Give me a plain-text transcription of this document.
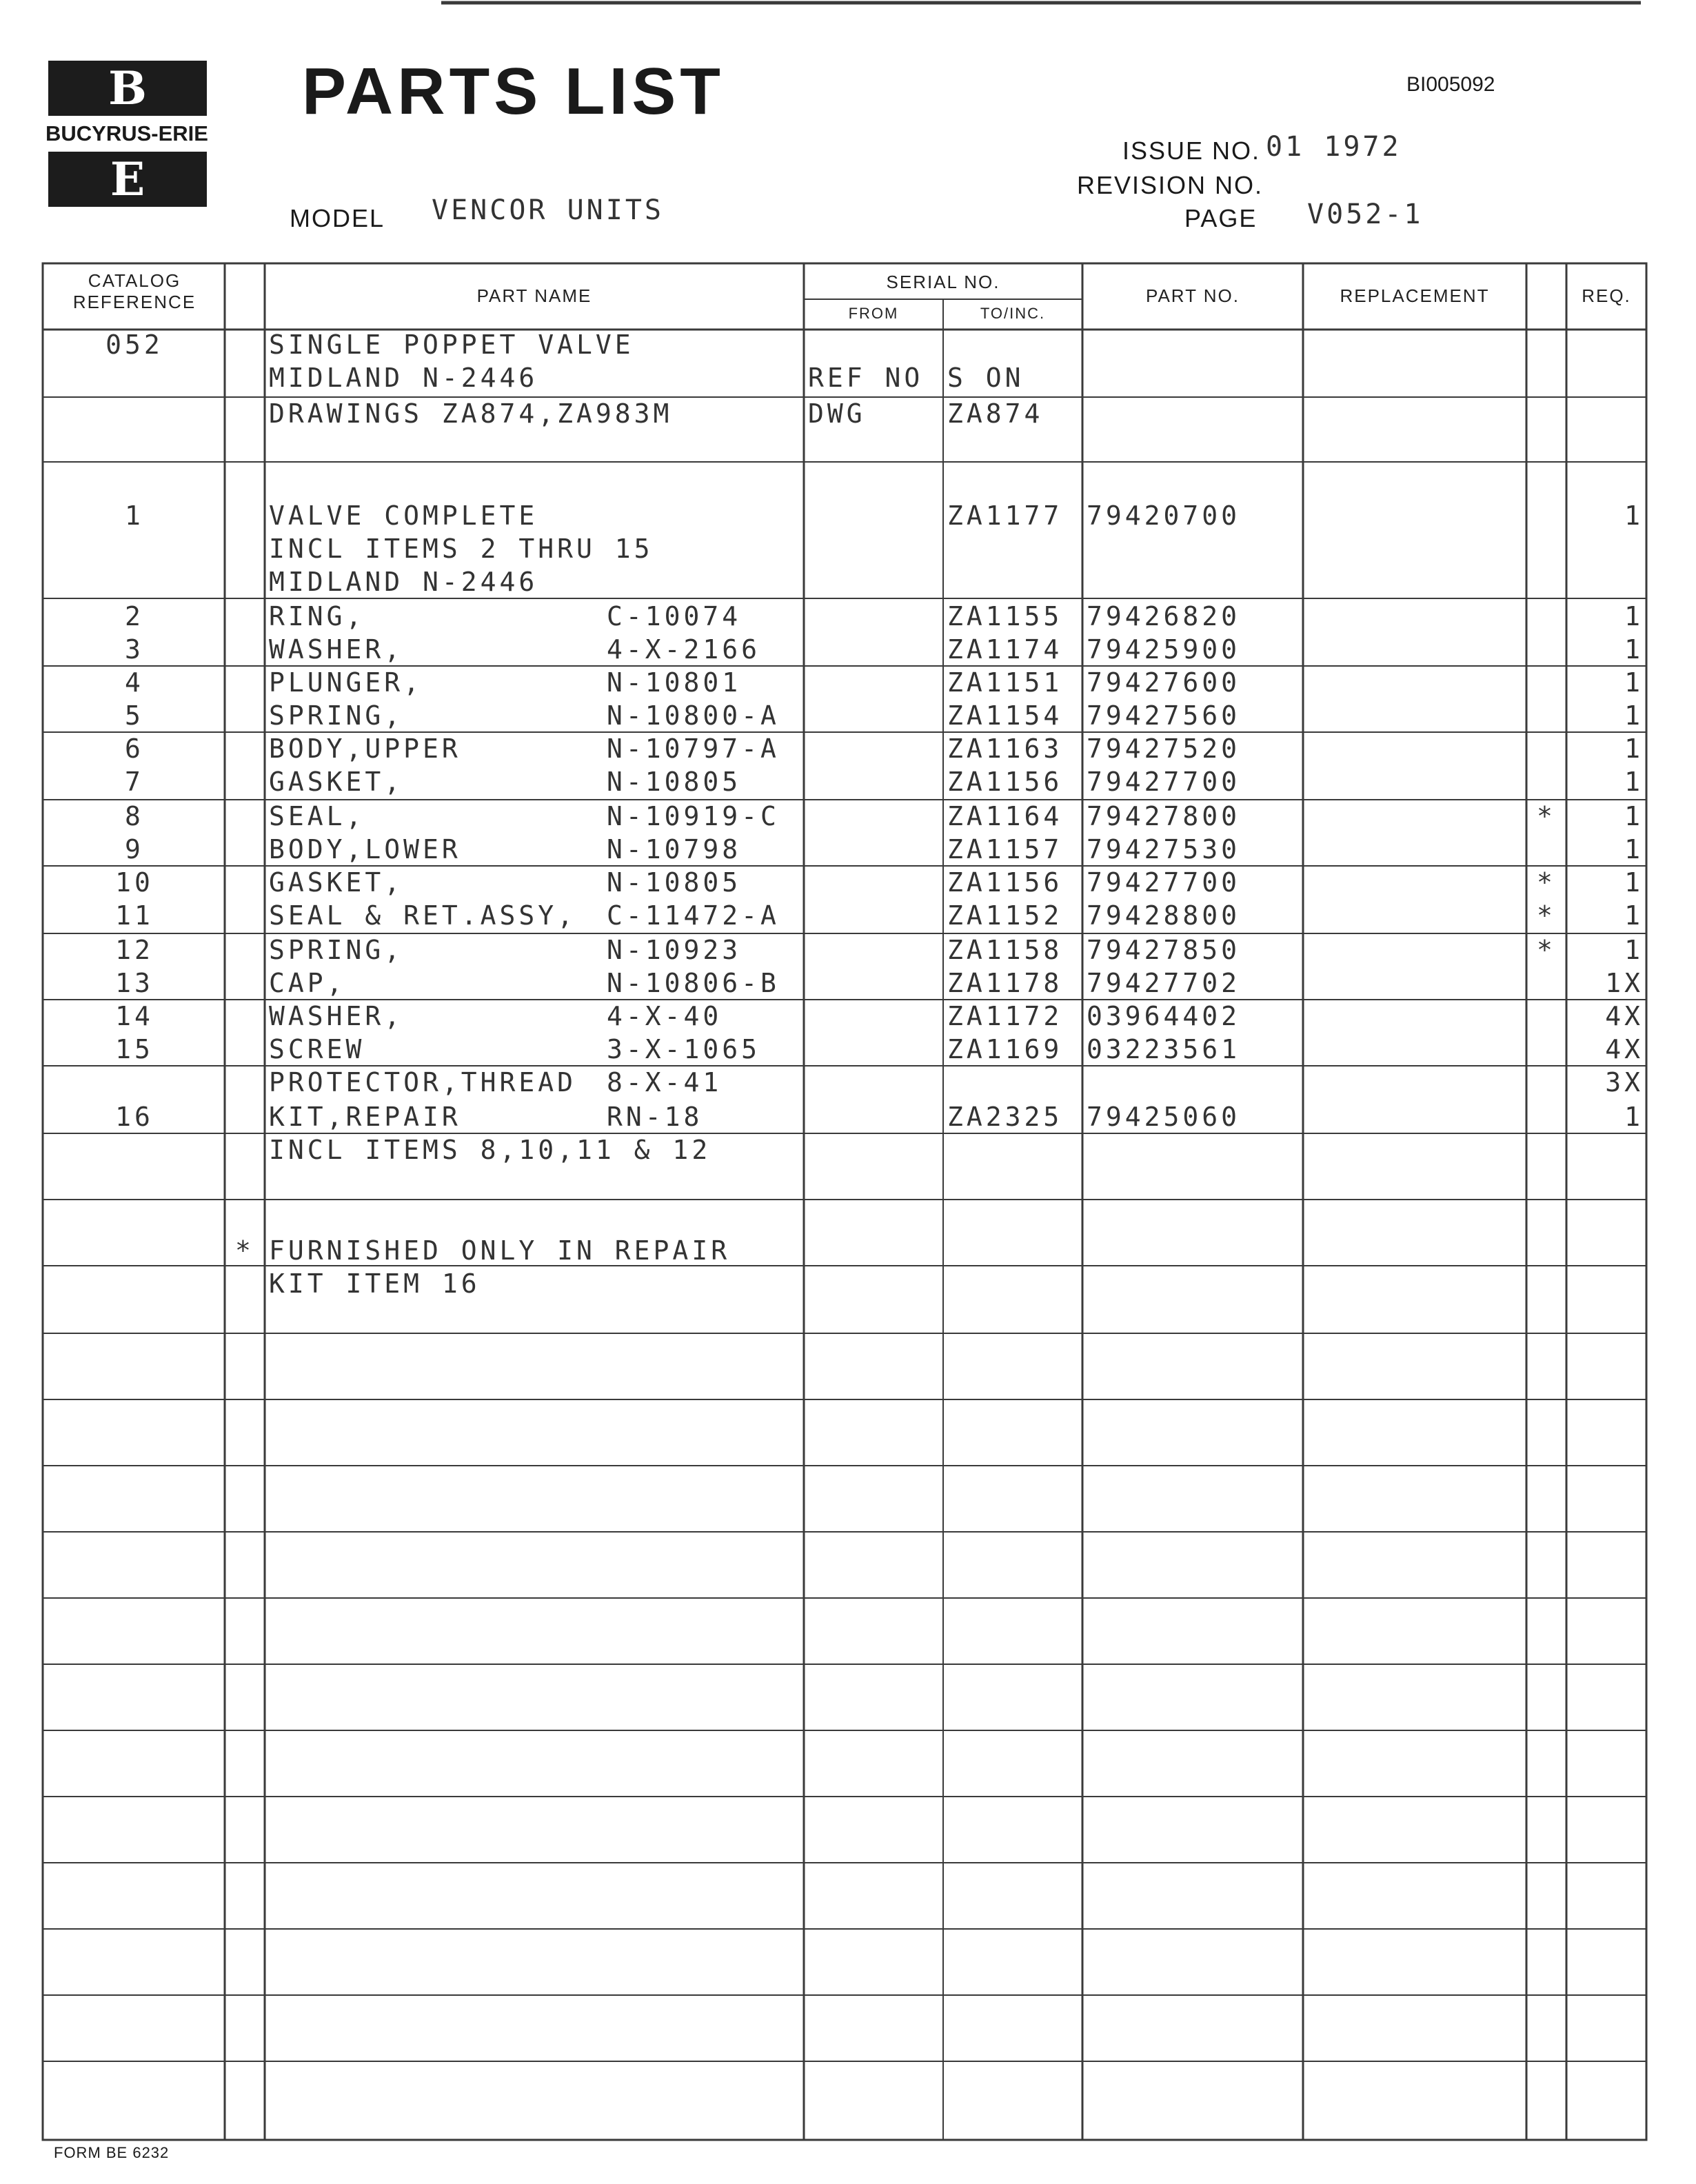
B
BUCYRUS-ERIE
E
PARTS LIST	BI005092
ISSUE NO. 01 1972
REVISION NO.
PAGE V052-1
MODEL VENCOR UNITS
CATALOG
REFERENCE	PART NAME
SERIAL NO.
FROM	TO/INC.
PART NO.	REPLACEMENT	REQ.
052	SINGLE POPPET VALVE
MIDLAND N-2446	REF NO S ON
DRAWINGS ZA874,ZA983M	DWG	ZA874
1	VALVE COMPLETE	ZA1177 79420700	1
INCL ITEMS 2 THRU 15
MIDLAND N-2446
2	RING,	C-10074	ZA1155 79426820	1
3	WASHER,	4-X-2166	ZA1174 79425900	1
4	PLUNGER,	N-10801	ZA1151 79427600	1
5	SPRING,	N-10800-A	ZA1154 79427560	1
6	BODY,UPPER	N-10797-A	ZA1163 79427520	1
7	GASKET,	N-10805	ZA1156 79427700	1
8	SEAL,	N-10919-C	ZA1164 79427800	*	1
9	BODY,LOWER	N-10798	ZA1157 79427530	1
10	GASKET,	N-10805	ZA1156 79427700	*	1
11	SEAL & RET.ASSY,	C-11472-A	ZA1152 79428800	*	1
12	SPRING,	N-10923	ZA1158 79427850	*	1
13	CAP,	N-10806-B	ZA1178 79427702	1X
14	WASHER,	4-X-40	ZA1172 03964402	4X
15	SCREW	3-X-1065	ZA1169 03223561	4X
PROTECTOR,THREAD	8-X-41	3X
16	KIT,REPAIR	RN-18	ZA2325 79425060	1
INCL ITEMS 8,10,11 & 12
* FURNISHED ONLY IN REPAIR
KIT ITEM 16
FORM BE 6232
